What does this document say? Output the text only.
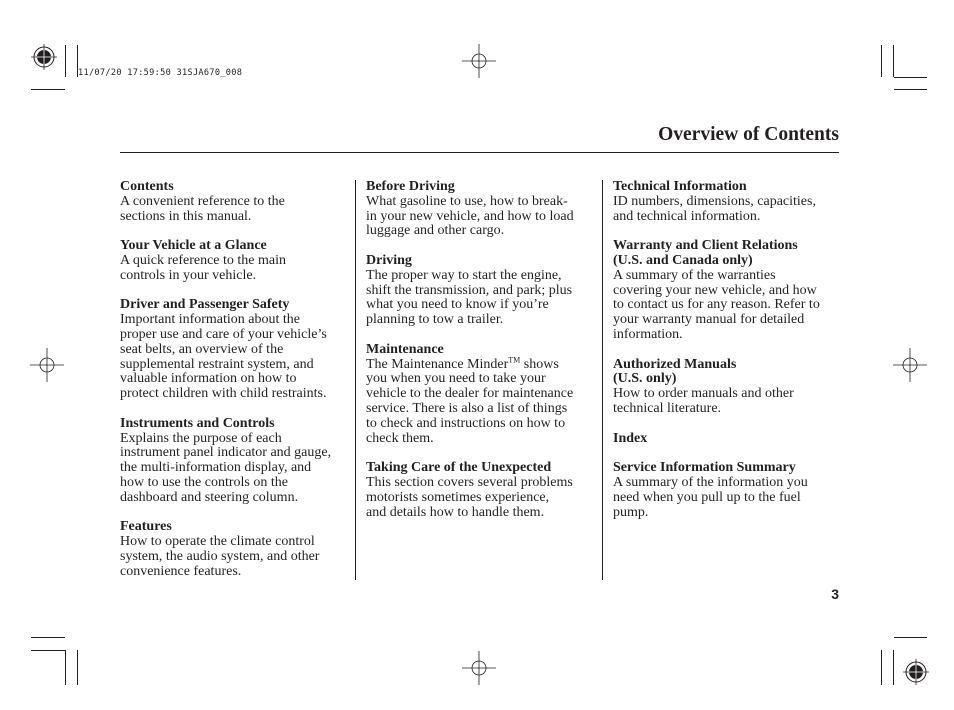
11/07/20 17:59:50 31SJA670_008
Overview of Contents
Contents
A convenient reference to the
sections in this manual.
Your Vehicle at a Glance
A quick reference to the main
controls in your vehicle.
Driver and Passenger Safety
Important information about the
proper use and care of your vehicle’s
seat belts, an overview of the
supplemental restraint system, and
valuable information on how to
protect children with child restraints.
Instruments and Controls
Explains the purpose of each
instrument panel indicator and gauge,
the multi-information display, and
how to use the controls on the
dashboard and steering column.
Features
How to operate the climate control
system, the audio system, and other
convenience features.
Before Driving
What gasoline to use, how to break-
in your new vehicle, and how to load
luggage and other cargo.
Driving
The proper way to start the engine,
shift the transmission, and park; plus
what you need to know if you’re
planning to tow a trailer.
Maintenance
The Maintenance Minder™ shows
you when you need to take your
vehicle to the dealer for maintenance
service. There is also a list of things
to check and instructions on how to
check them.
Taking Care of the Unexpected
This section covers several problems
motorists sometimes experience,
and details how to handle them.
Technical Information
ID numbers, dimensions, capacities,
and technical information.
Warranty and Client Relations
(U.S. and Canada only)
A summary of the warranties
covering your new vehicle, and how
to contact us for any reason. Refer to
your warranty manual for detailed
information.
Authorized Manuals
(U.S. only)
How to order manuals and other
technical literature.
Index
Service Information Summary
A summary of the information you
need when you pull up to the fuel
pump.
3
